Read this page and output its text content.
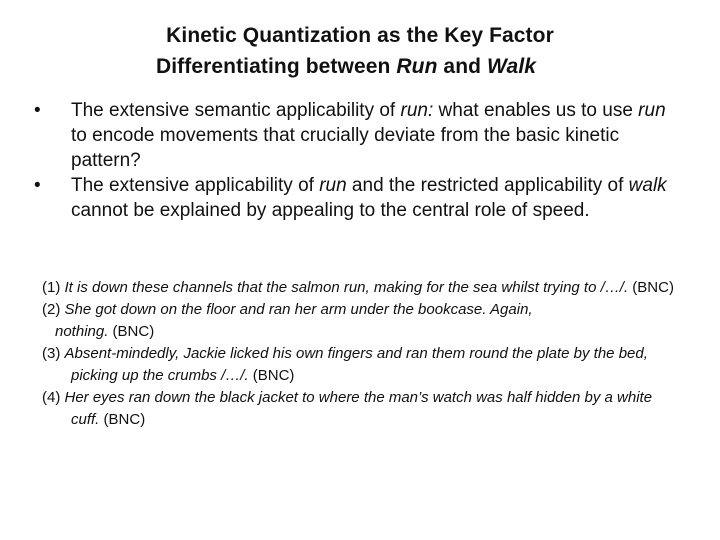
Kinetic Quantization as the Key Factor
Differentiating between Run and Walk
•	The extensive semantic applicability of run: what enables us to use run to encode movements that crucially deviate from the basic kinetic pattern?
•	The extensive applicability of run and the restricted applicability of walk cannot be explained by appealing to the central role of speed.
(1) It is down these channels that the salmon run, making for the sea whilst trying to /…/. (BNC)
(2) She got down on the floor and ran her arm under the bookcase. Again,
nothing. (BNC)
(3) Absent-mindedly, Jackie licked his own fingers and ran them round the plate by the bed, picking up the crumbs /…/. (BNC)
(4) Her eyes ran down the black jacket to where the man’s watch was half hidden by a white cuff. (BNC)
